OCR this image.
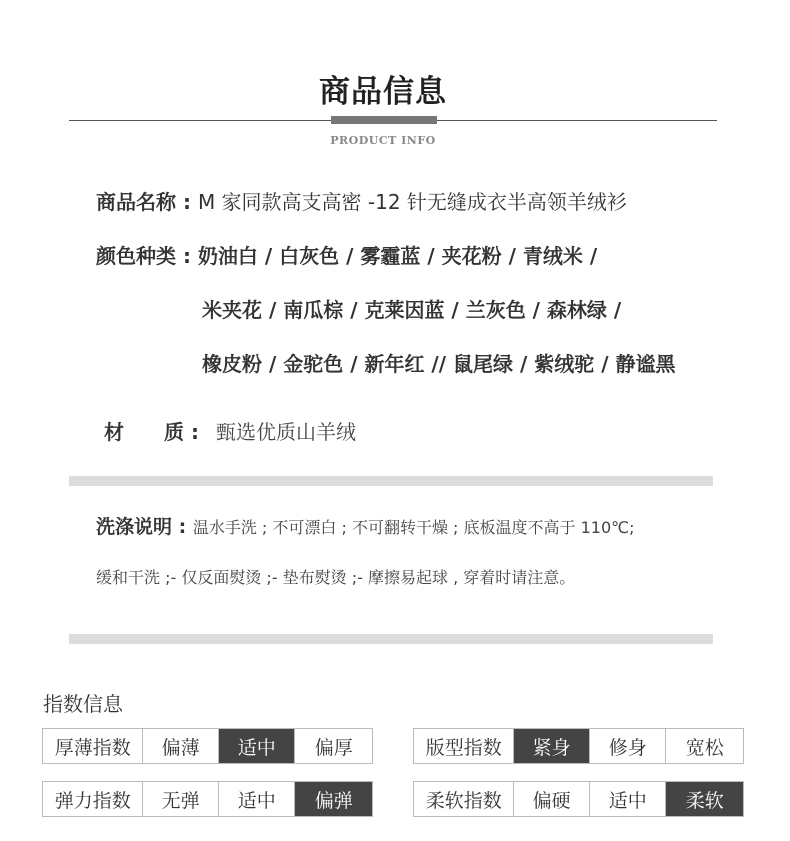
商品信息
PRODUCT INFO
商品名称 : M 家同款高支高密 -12 针无缝成衣半高领羊绒衫
颜色种类 : 奶油白 / 白灰色 / 雾霾蓝 / 夹花粉 / 青绒米 /
米夹花 / 南瓜棕 / 克莱因蓝 / 兰灰色 / 森林绿 /
橡皮粉 / 金驼色 / 新年红 // 鼠尾绿 / 紫绒驼 / 静谧黑
材 质 : 甄选优质山羊绒
洗涤说明 : 温水手洗 ; 不可漂白 ; 不可翻转干燥 ; 底板温度不高于 110℃;
缓和干洗 ;- 仅反面熨烫 ;- 垫布熨烫 ;- 摩擦易起球 , 穿着时请注意。
指数信息
厚薄指数	偏薄	适中	偏厚	版型指数	紧身	修身	宽松
弹力指数	无弹	适中	偏弹	柔软指数	偏硬	适中	柔软
